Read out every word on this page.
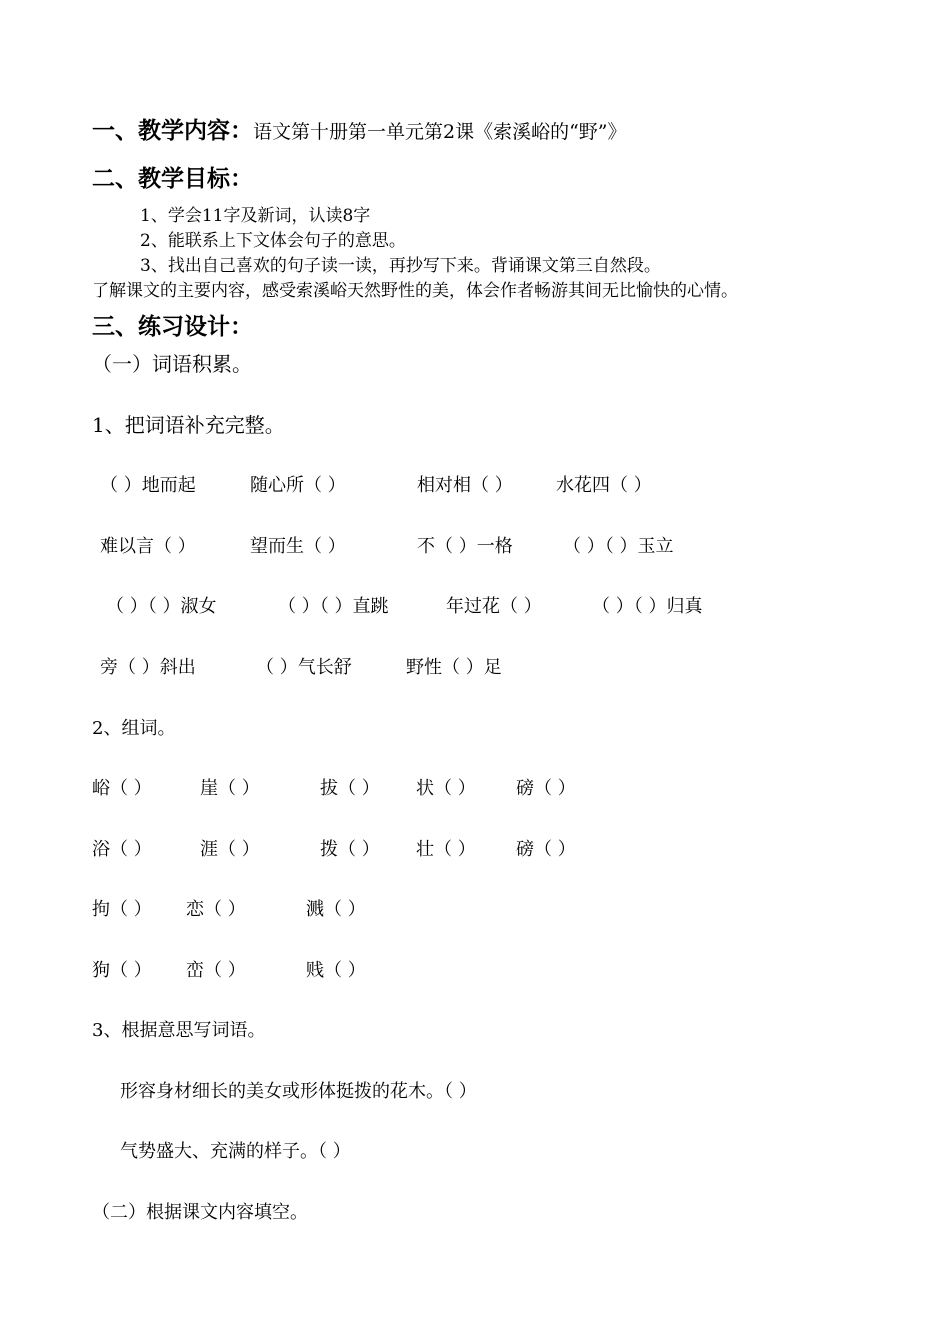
一、教学内容：语文第十册第一单元第2课《索溪峪的“野”》
二、教学目标：
1、学会11字及新词，认读8字
2、能联系上下文体会句子的意思。
3、找出自己喜欢的句子读一读，再抄写下来。背诵课文第三自然段。
了解课文的主要内容，感受索溪峪天然野性的美，体会作者畅游其间无比愉快的心情。
三、练习设计：
（一）词语积累。
1、把词语补充完整。
（ ）地而起	随心所（ ）	相对相（ ） 水花四（ ）
难以言（ ）	望而生（ ）	不（ ）一格	（ ）（ ）玉立
（ ）（ ）淑女	（ ）（ ）直跳	年过花（ ）	（ ）（ ）归真
旁（ ）斜出	（ ）气长舒	野性（ ）足
2、组词。
峪（ ）	崖（ ）	拔（ ） 状（ ） 磅（ ）
浴（ ）	涯（ ）	拨（ ） 壮（ ） 磅（ ）
拘（ ） 恋（ ）	溅（ ）
狗（ ） 峦（ ）	贱（ ）
3、根据意思写词语。
形容身材细长的美女或形体挺拨的花木。（ ）
气势盛大、充满的样子。（ ）
（二）根据课文内容填空。
